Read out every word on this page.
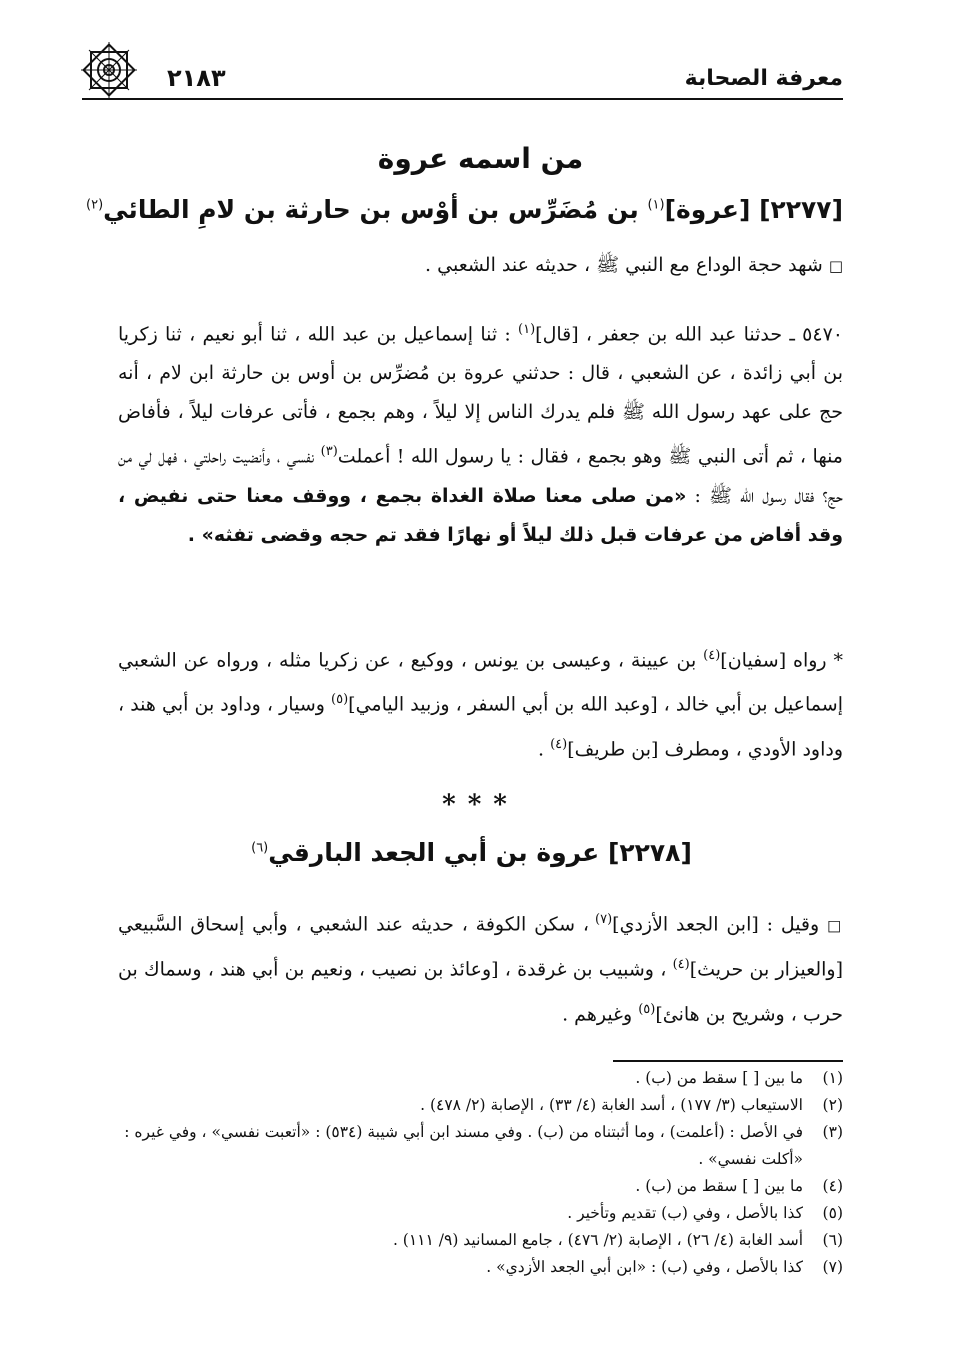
معرفة الصحابة
٢١٨٣
من اسمه عروة
[٢٢٧٧] [عروة]$^{(١)}$ بن مُضَرِّس بن أوْس بن حارثة بن لامِ الطائي$^{(٢)}$

□ شهد حجة الوداع مع النبي ﷺ ، حديثه عند الشعبي .

٥٤٧٠ ـ حدثنا عبد الله بن جعفر ، [قال]$^{(١)}$ : ثنا إسماعيل بن عبد الله ، ثنا أبو نعيم ، ثنا زكريا بن أبي زائدة ، عن الشعبي ، قال : حدثني عروة بن مُضرِّس بن أوس بن حارثة ابن لام ، أنه حج على عهد رسول الله ﷺ فلم يدرك الناس إلا ليلاً ، وهم بجمع ، فأتى عرفات ليلاً ، فأفاض منها ، ثم أتى النبي ﷺ وهو بجمع ، فقال : يا رسول الله ! أعملت$^{(٣)}$ نفسي ، وأنضيت راحلتي ، فهل لي من حج؟ فقال رسول الله ﷺ : «من صلى معنا صلاة الغداة بجمع ، ووقف معنا حتى نفيض ، وقد أفاض من عرفات قبل ذلك ليلاً أو نهارًا فقد تم حجه وقضى تفثه» .

* رواه [سفيان]$^{(٤)}$ بن عيينة ، وعيسى بن يونس ، ووكيع ، عن زكريا مثله ، ورواه عن الشعبي إسماعيل بن أبي خالد ، [وعبد الله بن أبي السفر ، وزبيد اليامي]$^{(٥)}$ وسيار ، وداود بن أبي هند ، وداود الأودي ، ومطرف [بن طريف]$^{(٤)}$ .

***
[٢٢٧٨] عروة بن أبي الجعد البارقي$^{(٦)}$

□ وقيل : [ابن الجعد الأزدي]$^{(٧)}$ ، سكن الكوفة ، حديثه عند الشعبي ، وأبي إسحاق السَّبيعي [والعيزار بن حريث]$^{(٤)}$ ، وشبيب بن غرقدة ، [وعائذ بن نصيب ، ونعيم بن أبي هند ، وسماك بن حرب ، وشريح بن هانئ]$^{(٥)}$ وغيرهم .

(١)
ما بين [ ] سقط من (ب) .
(٢)
الاستيعاب (٣/ ١٧٧) ، أسد الغابة (٤/ ٣٣) ، الإصابة (٢/ ٤٧٨) .
(٣)
في الأصل : (أعلمت) ، وما أثبتناه من (ب) . وفي مسند ابن أبي شيبة (٥٣٤) : «أتعبت نفسي» ، وفي غيره : «أكلت نفسي» .
(٤)
ما بين [ ] سقط من (ب) .
(٥)
كذا بالأصل ، وفي (ب) تقديم وتأخير .
(٦)
أسد الغابة (٤/ ٢٦) ، الإصابة (٢/ ٤٧٦) ، جامع المسانيد (٩/ ١١١) .
(٧)
كذا بالأصل ، وفي (ب) : «ابن أبي الجعد الأزدي» .
